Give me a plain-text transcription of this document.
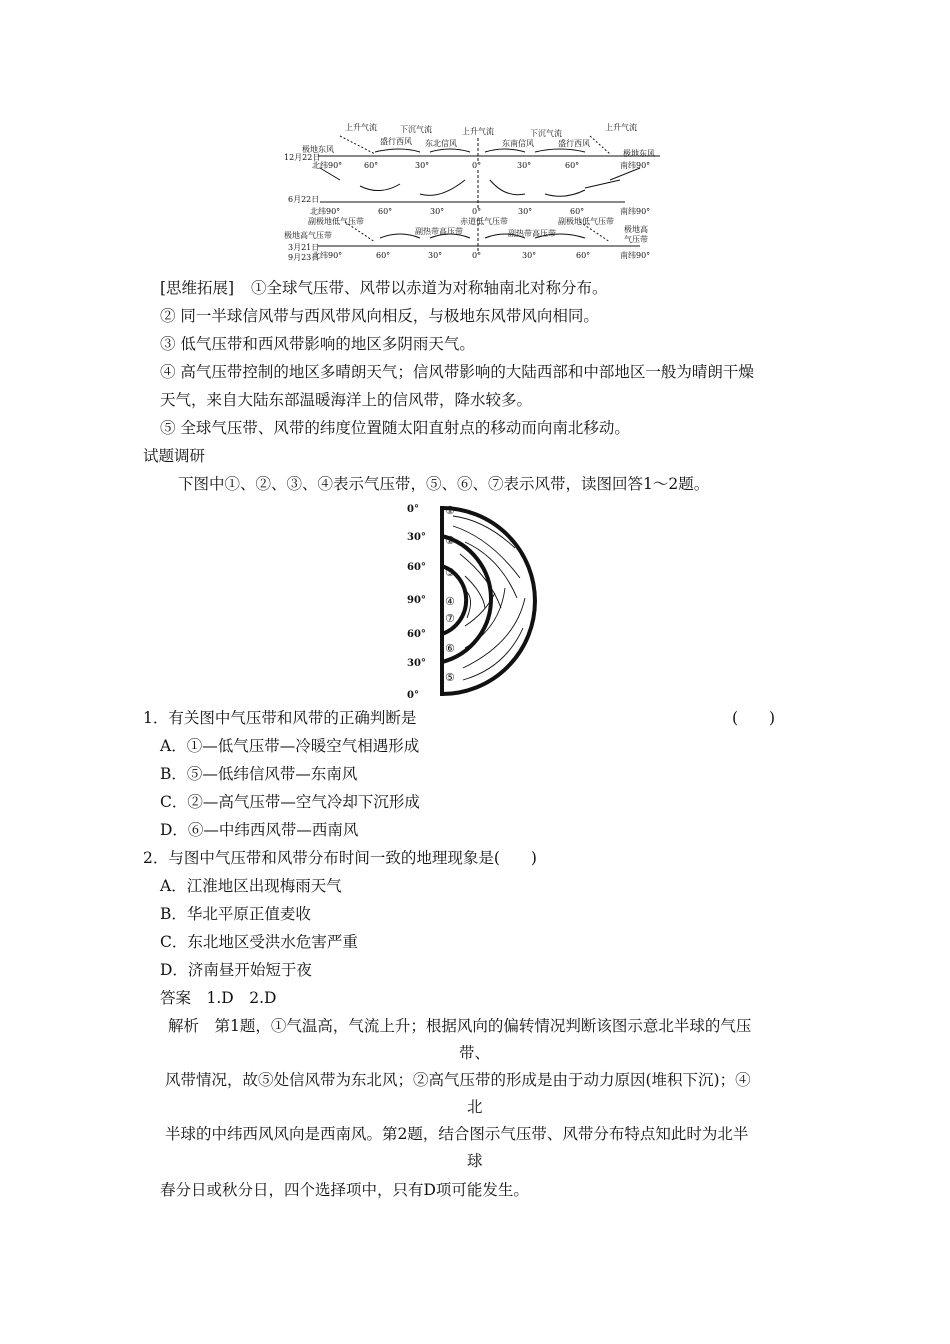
上升气流	下沉气流	上升气流	下沉气流
上升气流
盛行西风 东北信风	东南信风	盛行西风
极地东风	极地东风
12月22日
北纬90°	60°	30°	0°	30°	60°	南纬90°
6月22日
北纬90°	60°	30°	0°	30°	60°	南纬90°
副极地低气压带	赤道低气压带	副极地低气压带
极地高气压带	副热带高压带	副热带高压带	极地高
气压带
3月21日
9月23日
北纬90°	60°	30°	0°	30°	60°	南纬90°
[思维拓展] ①全球气压带、风带以赤道为对称轴南北对称分布。
② 同一半球信风带与西风带风向相反，与极地东风带风向相同。
③ 低气压带和西风带影响的地区多阴雨天气。
④ 高气压带控制的地区多晴朗天气；信风带影响的大陆西部和中部地区一般为晴朗干燥
天气，来自大陆东部温暖海洋上的信风带，降水较多。
⑤ 全球气压带、风带的纬度位置随太阳直射点的移动而向南北移动。
试题调研
下图中①、②、③、④表示气压带，⑤、⑥、⑦表示风带，读图回答1～2题。
0°
30°
60°
90°
60°
30°
0°
①
②
③
④
⑦
⑥
⑤
1．有关图中气压带和风带的正确判断是	(　　)
A．①—低气压带—冷暖空气相遇形成
B．⑤—低纬信风带—东南风
C．②—高气压带—空气冷却下沉形成
D．⑥—中纬西风带—西南风
2．与图中气压带和风带分布时间一致的地理现象是(　　)
A．江淮地区出现梅雨天气
B．华北平原正值麦收
C．东北地区受洪水危害严重
D．济南昼开始短于夜
答案　1.D　2.D
解析　第1题，①气温高，气流上升；根据风向的偏转情况判断该图示意北半球的气压
带、
风带情况，故⑤处信风带为东北风；②高气压带的形成是由于动力原因(堆积下沉)；④
北
半球的中纬西风风向是西南风。第2题，结合图示气压带、风带分布特点知此时为北半
球
春分日或秋分日，四个选择项中，只有D项可能发生。
